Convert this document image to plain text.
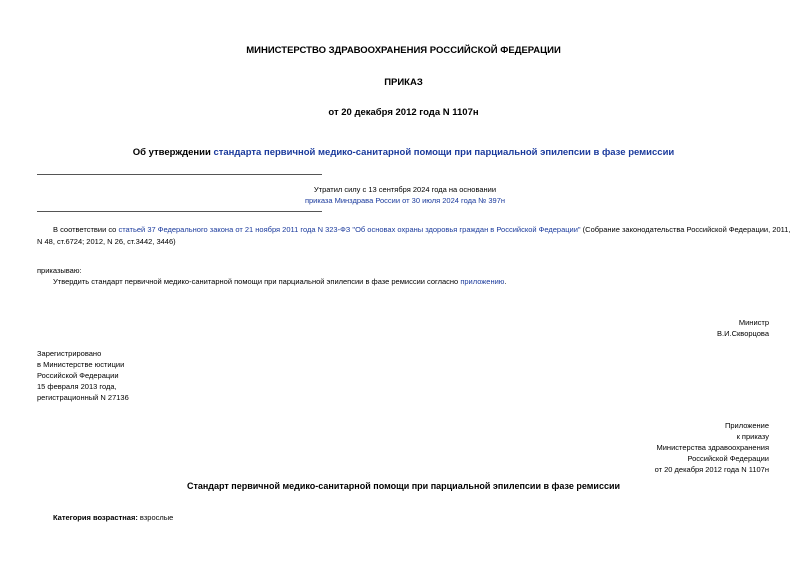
МИНИСТЕРСТВО ЗДРАВООХРАНЕНИЯ РОССИЙСКОЙ ФЕДЕРАЦИИ
ПРИКАЗ
от 20 декабря 2012 года N 1107н
Об утверждении стандарта первичной медико-санитарной помощи при парциальной эпилепсии в фазе ремиссии
Утратил силу с 13 сентября 2024 года на основании
приказа Минздрава России от 30 июля 2024 года № 397н
В соответствии со статьей 37 Федерального закона от 21 ноября 2011 года N 323-ФЗ "Об основах охраны здоровья граждан в Российской Федерации" (Собрание законодательства Российской Федерации, 2011,
N 48, ст.6724; 2012, N 26, ст.3442, 3446)
приказываю:
Утвердить стандарт первичной медико-санитарной помощи при парциальной эпилепсии в фазе ремиссии согласно приложению.
Министр
В.И.Скворцова
Зарегистрировано
в Министерстве юстиции
Российской Федерации
15 февраля 2013 года,
регистрационный N 27136
Приложение
к приказу
Министерства здравоохранения
Российской Федерации
от 20 декабря 2012 года N 1107н
Стандарт первичной медико-санитарной помощи при парциальной эпилепсии в фазе ремиссии
Категория возрастная: взрослые
